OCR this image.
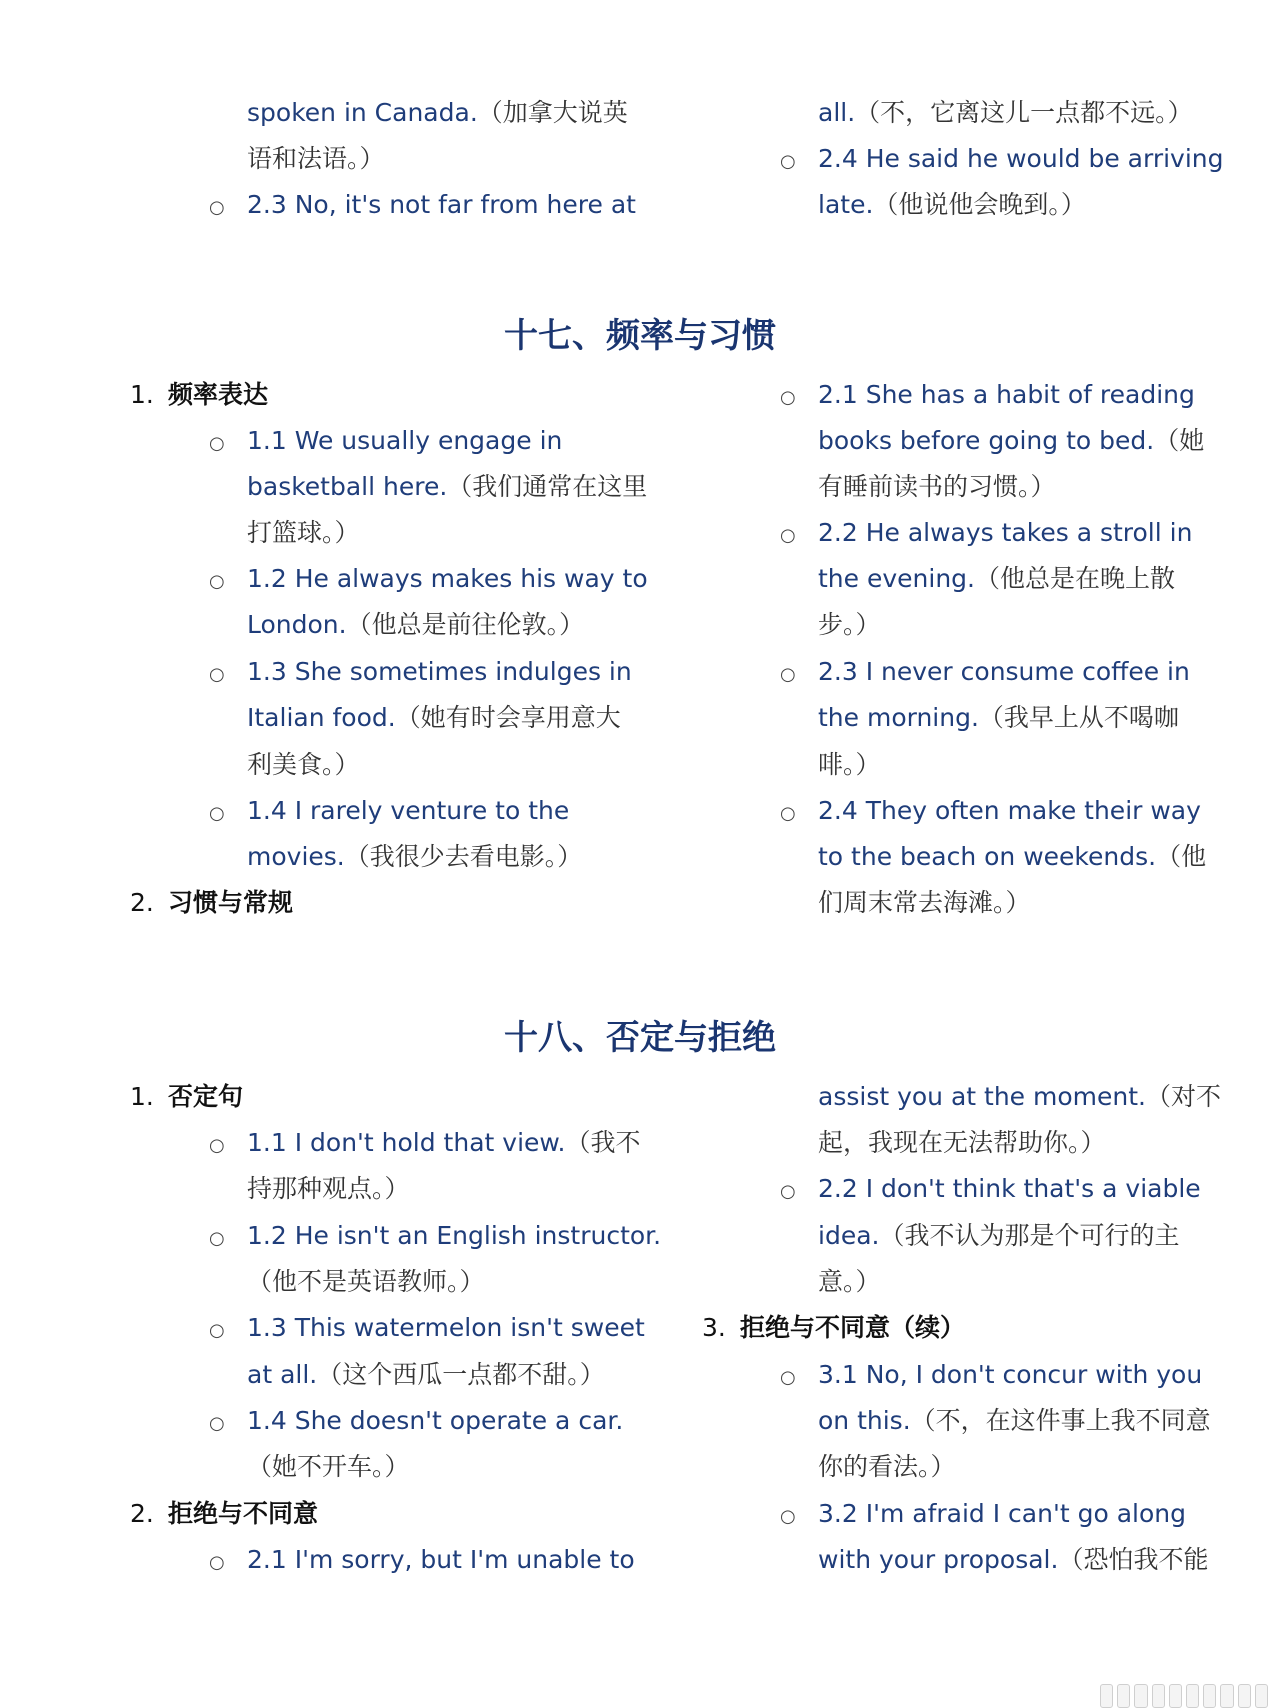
spoken in Canada.（加拿大说英
语和法语。）
○ 2.3 No, it's not far from here at
all.（不，它离这儿一点都不远。）
○ 2.4 He said he would be arriving
late.（他说他会晚到。）
十七、频率与习惯
1. 频率表达
○ 1.1 We usually engage in
basketball here.（我们通常在这里
打篮球。）
○ 1.2 He always makes his way to
London.（他总是前往伦敦。）
○ 1.3 She sometimes indulges in
Italian food.（她有时会享用意大
利美食。）
○ 1.4 I rarely venture to the
movies.（我很少去看电影。）
2. 习惯与常规
○ 2.1 She has a habit of reading
books before going to bed.（她
有睡前读书的习惯。）
○ 2.2 He always takes a stroll in
the evening.（他总是在晚上散
步。）
○ 2.3 I never consume coffee in
the morning.（我早上从不喝咖
啡。）
○ 2.4 They often make their way
to the beach on weekends.（他
们周末常去海滩。）
十八、否定与拒绝
1. 否定句
○ 1.1 I don't hold that view.（我不
持那种观点。）
○ 1.2 He isn't an English instructor.
（他不是英语教师。）
○ 1.3 This watermelon isn't sweet
at all.（这个西瓜一点都不甜。）
○ 1.4 She doesn't operate a car.
（她不开车。）
2. 拒绝与不同意
○ 2.1 I'm sorry, but I'm unable to
assist you at the moment.（对不
起，我现在无法帮助你。）
○ 2.2 I don't think that's a viable
idea.（我不认为那是个可行的主
意。）
3. 拒绝与不同意（续）
○ 3.1 No, I don't concur with you
on this.（不，在这件事上我不同意
你的看法。）
○ 3.2 I'm afraid I can't go along
with your proposal.（恐怕我不能
